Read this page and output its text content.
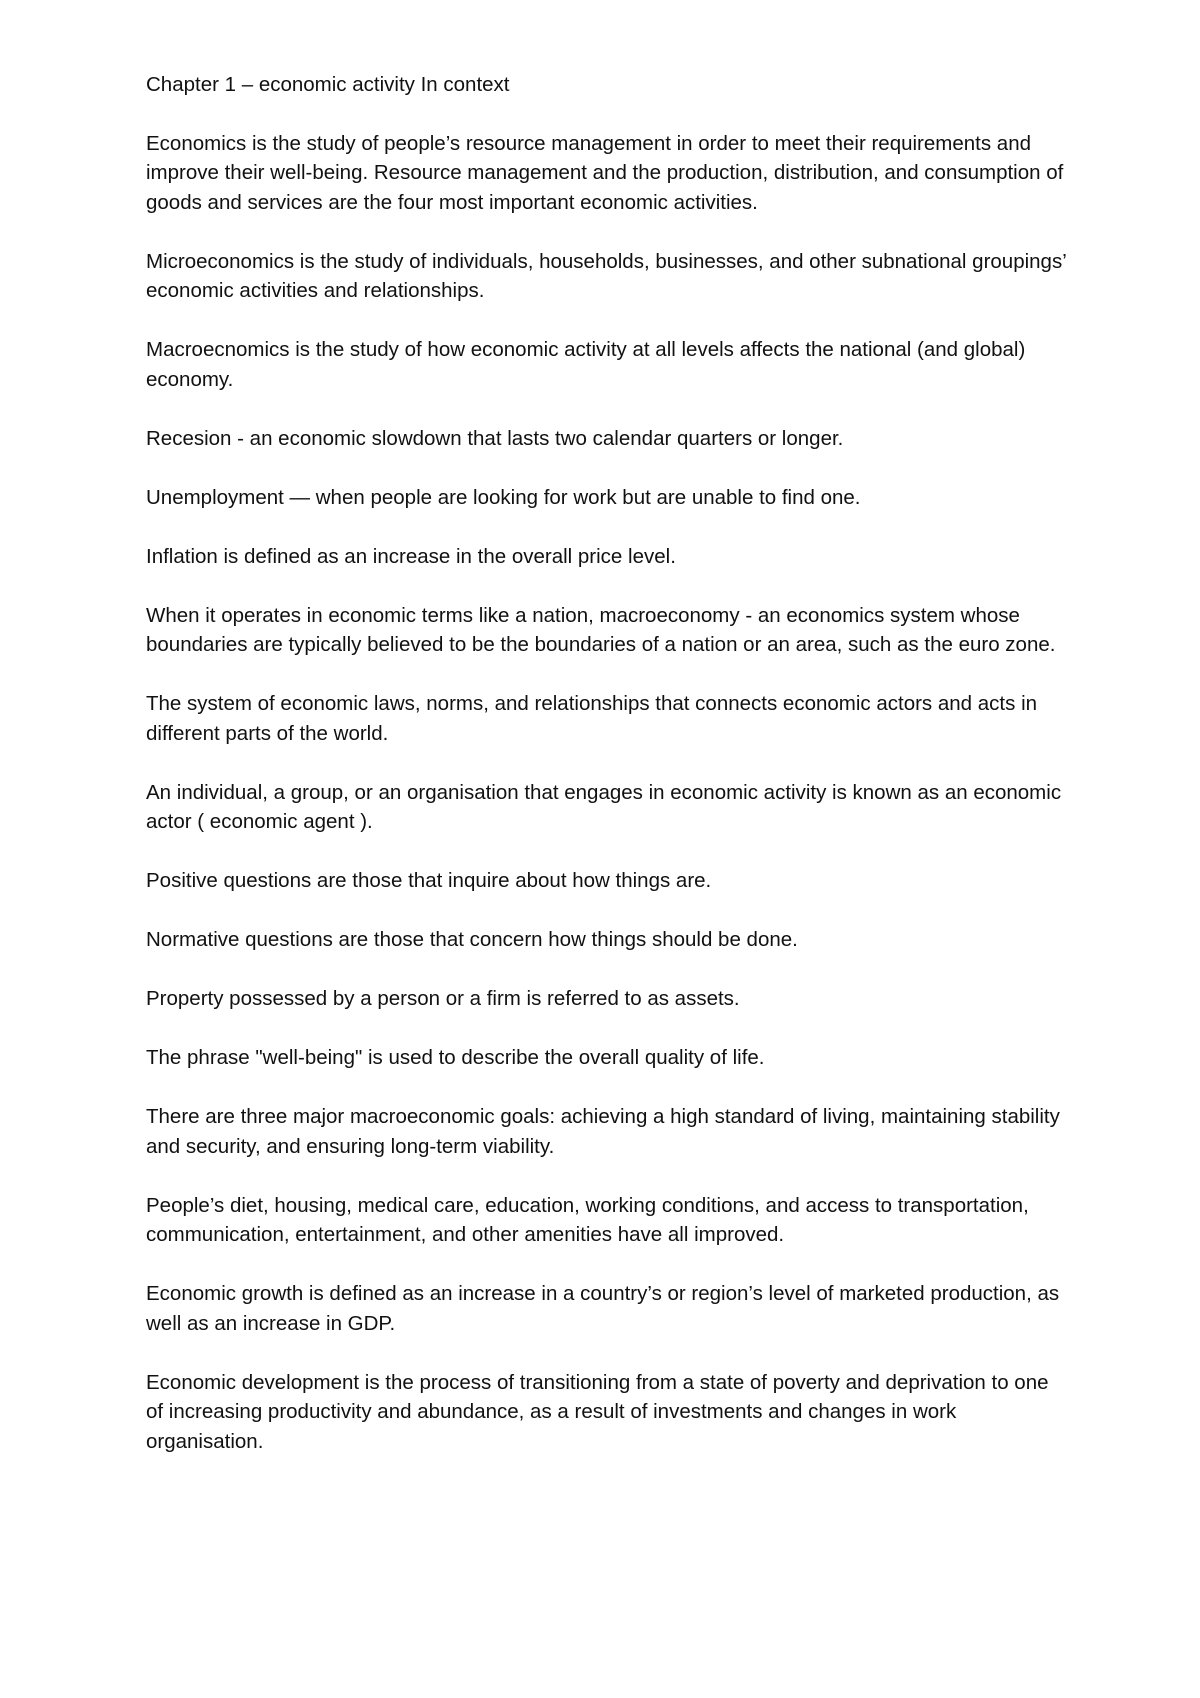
Chapter 1 – economic activity In context

Economics is the study of people’s resource management in order to meet their requirements and improve their well-being. Resource management and the production, distribution, and consumption of goods and services are the four most important economic activities.

Microeconomics is the study of individuals, households, businesses, and other subnational groupings’ economic activities and relationships.

Macroecnomics is the study of how economic activity at all levels affects the national (and global) economy.

Recesion - an economic slowdown that lasts two calendar quarters or longer.

Unemployment — when people are looking for work but are unable to find one.

Inflation is defined as an increase in the overall price level.

When it operates in economic terms like a nation, macroeconomy - an economics system whose boundaries are typically believed to be the boundaries of a nation or an area, such as the euro zone.

The system of economic laws, norms, and relationships that connects economic actors and acts in different parts of the world.

An individual, a group, or an organisation that engages in economic activity is known as an economic actor ( economic agent ).

Positive questions are those that inquire about how things are.

Normative questions are those that concern how things should be done.

Property possessed by a person or a firm is referred to as assets.

The phrase "well-being" is used to describe the overall quality of life.

There are three major macroeconomic goals: achieving a high standard of living, maintaining stability and security, and ensuring long-term viability.

People’s diet, housing, medical care, education, working conditions, and access to transportation, communication, entertainment, and other amenities have all improved.

Economic growth is defined as an increase in a country’s or region’s level of marketed production, as well as an increase in GDP.

Economic development is the process of transitioning from a state of poverty and deprivation to one of increasing productivity and abundance, as a result of investments and changes in work organisation.
